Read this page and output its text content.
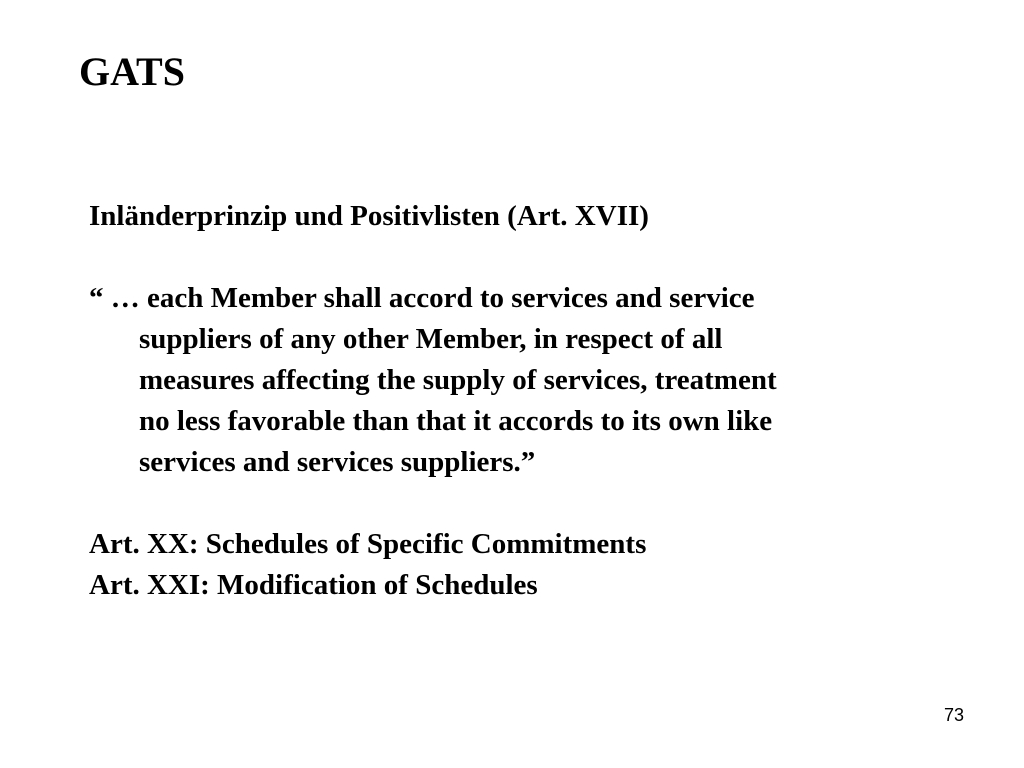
GATS
Inländerprinzip und Positivlisten (Art. XVII)
“ … each Member shall accord to services and service
suppliers of any other Member, in respect of all
measures affecting the supply of services, treatment
no less favorable than that it accords to its own like
services and services suppliers.”
Art. XX: Schedules of Specific Commitments
Art. XXI: Modification of Schedules
73
